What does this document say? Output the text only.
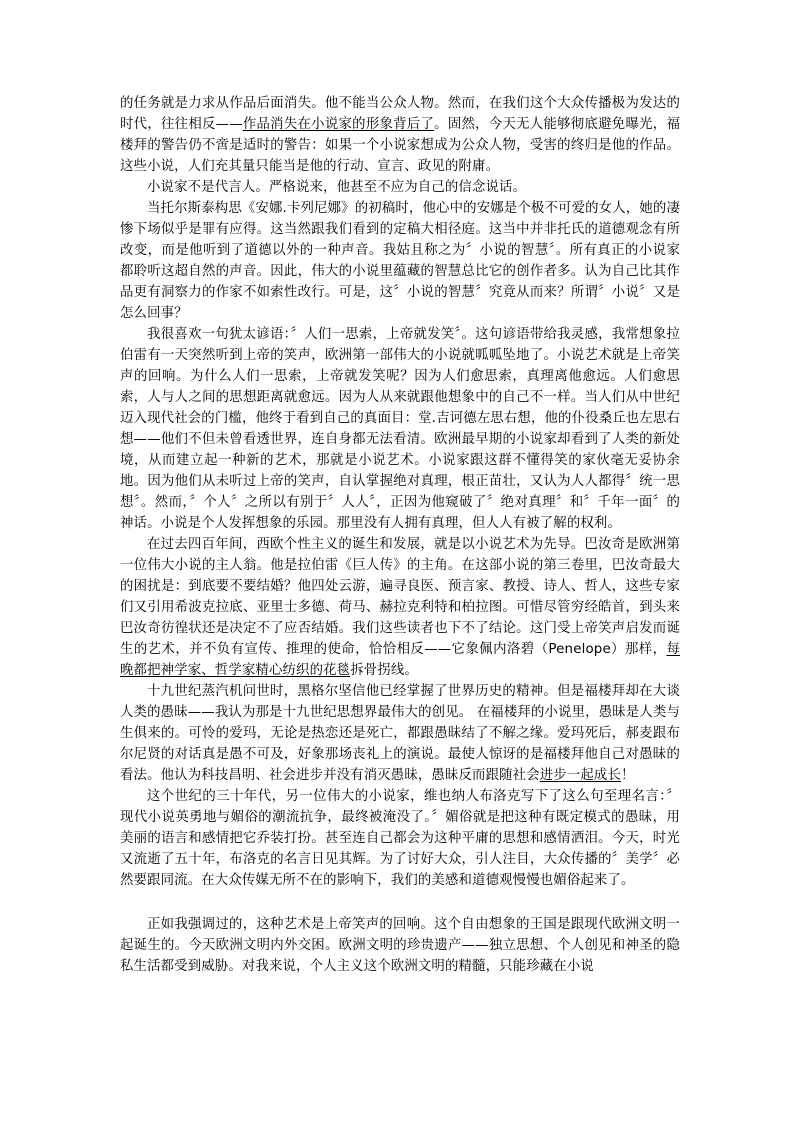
的任务就是力求从作品后面消失。他不能当公众人物。然而，在我们这个大众传播极为发达的时代，往往相反——作品消失在小说家的形象背后了。固然，今天无人能够彻底避免曝光，福楼拜的警告仍不啻是适时的警告：如果一个小说家想成为公众人物，受害的终归是他的作品。这些小说，人们充其量只能当是他的行动、宣言、政见的附庸。

小说家不是代言人。严格说来，他甚至不应为自己的信念说话。

当托尔斯泰构思《安娜.卡列尼娜》的初稿时，他心中的安娜是个极不可爱的女人，她的凄惨下场似乎是罪有应得。这当然跟我们看到的定稿大相径庭。这当中并非托氏的道德观念有所改变，而是他听到了道德以外的一种声音。我姑且称之为〞小说的智慧〞。所有真正的小说家都聆听这超自然的声音。因此，伟大的小说里蕴藏的智慧总比它的创作者多。认为自己比其作品更有洞察力的作家不如索性改行。可是，这〞小说的智慧〞究竟从而来？所谓〞小说〞又是怎么回事？

我很喜欢一句犹太谚语：〞人们一思索，上帝就发笑〞。这句谚语带给我灵感，我常想象拉伯雷有一天突然听到上帝的笑声，欧洲第一部伟大的小说就呱呱坠地了。小说艺术就是上帝笑声的回响。为什么人们一思索，上帝就发笑呢？因为人们愈思索，真理离他愈远。人们愈思索，人与人之间的思想距离就愈远。因为人从来就跟他想象中的自己不一样。当人们从中世纪迈入现代社会的门槛，他终于看到自己的真面目：堂.吉诃德左思右想，他的仆役桑丘也左思右想——他们不但未曾看透世界，连自身都无法看清。欧洲最早期的小说家却看到了人类的新处境，从而建立起一种新的艺术，那就是小说艺术。小说家跟这群不懂得笑的家伙毫无妥协余地。因为他们从未听过上帝的笑声，自认掌握绝对真理，根正苗壮，又认为人人都得〞统一思想〞。然而，〞个人〞之所以有别于〞人人〞，正因为他窥破了〞绝对真理〞和〞千年一面〞的神话。小说是个人发挥想象的乐园。那里没有人拥有真理，但人人有被了解的权利。

在过去四百年间，西欧个性主义的诞生和发展，就是以小说艺术为先导。巴汝奇是欧洲第一位伟大小说的主人翁。他是拉伯雷《巨人传》的主角。在这部小说的第三卷里，巴汝奇最大的困扰是：到底要不要结婚？他四处云游，遍寻良医、预言家、教授、诗人、哲人，这些专家们又引用希波克拉底、亚里士多德、荷马、赫拉克利特和柏拉图。可惜尽管穷经皓首，到头来巴汝奇彷徨状还是决定不了应否结婚。我们这些读者也下不了结论。这门受上帝笑声启发而诞生的艺术，并不负有宣传、推理的使命，恰恰相反——它象佩内洛碧（Penelope）那样，每晚都把神学家、哲学家精心纺织的花毯拆骨拐线。

十九世纪蒸汽机问世时，黑格尔坚信他已经掌握了世界历史的精神。但是福楼拜却在大谈人类的愚昧——我认为那是十九世纪思想界最伟大的创见。 在福楼拜的小说里，愚昧是人类与生俱来的。可怜的爱玛，无论是热恋还是死亡，都跟愚昧结了不解之缘。爱玛死后，郝麦跟布尔尼贤的对话真是愚不可及，好象那场丧礼上的演说。最使人惊讶的是福楼拜他自己对愚昧的看法。他认为科技昌明、社会进步并没有消灭愚昧，愚昧反而跟随社会进步一起成长！

这个世纪的三十年代，另一位伟大的小说家，维也纳人布洛克写下了这么句至理名言：〞现代小说英勇地与媚俗的潮流抗争，最终被淹没了。〞媚俗就是把这种有既定模式的愚昧，用美丽的语言和感情把它乔装打扮。甚至连自己都会为这种平庸的思想和感情洒泪。今天，时光又流逝了五十年，布洛克的名言日见其辉。为了讨好大众，引人注目，大众传播的〞美学〞必然要跟同流。在大众传媒无所不在的影响下，我们的美感和道德观慢慢也媚俗起来了。

正如我强调过的，这种艺术是上帝笑声的回响。这个自由想象的王国是跟现代欧洲文明一起诞生的。今天欧洲文明内外交困。欧洲文明的珍贵遗产——独立思想、个人创见和神圣的隐私生活都受到威胁。对我来说，个人主义这个欧洲文明的精髓，只能珍藏在小说
